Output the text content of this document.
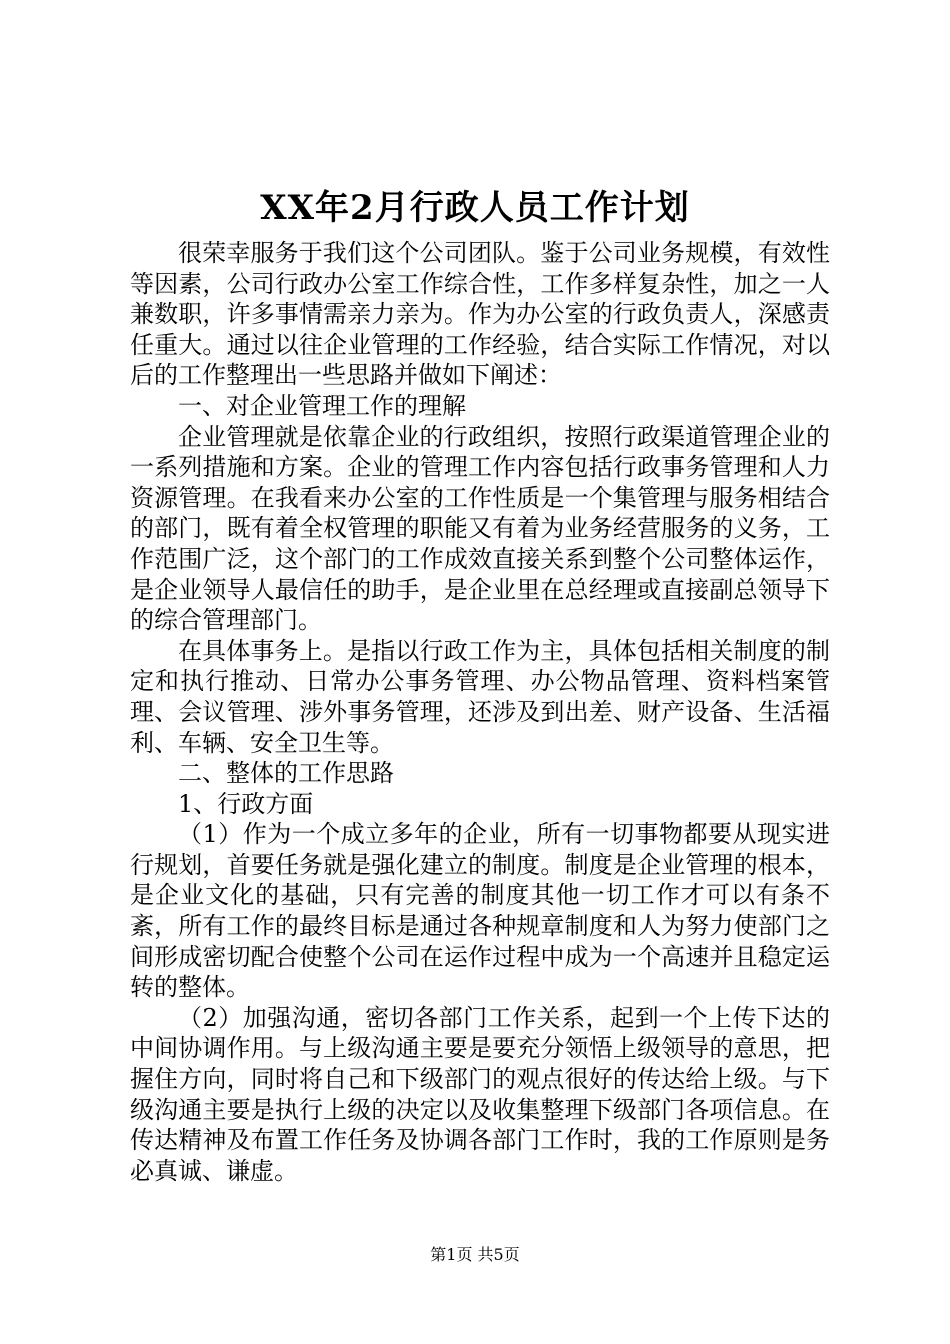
XX年2月行政人员工作计划

很荣幸服务于我们这个公司团队。鉴于公司业务规模，有效性等因素，公司行政办公室工作综合性，工作多样复杂性，加之一人兼数职，许多事情需亲力亲为。作为办公室的行政负责人，深感责任重大。通过以往企业管理的工作经验，结合实际工作情况，对以后的工作整理出一些思路并做如下阐述：

一、对企业管理工作的理解

企业管理就是依靠企业的行政组织，按照行政渠道管理企业的一系列措施和方案。企业的管理工作内容包括行政事务管理和人力资源管理。在我看来办公室的工作性质是一个集管理与服务相结合的部门，既有着全权管理的职能又有着为业务经营服务的义务，工作范围广泛，这个部门的工作成效直接关系到整个公司整体运作，是企业领导人最信任的助手，是企业里在总经理或直接副总领导下的综合管理部门。

在具体事务上。是指以行政工作为主，具体包括相关制度的制定和执行推动、日常办公事务管理、办公物品管理、资料档案管理、会议管理、涉外事务管理，还涉及到出差、财产设备、生活福利、车辆、安全卫生等。

二、整体的工作思路

1、行政方面

（1）作为一个成立多年的企业，所有一切事物都要从现实进行规划，首要任务就是强化建立的制度。制度是企业管理的根本，是企业文化的基础，只有完善的制度其他一切工作才可以有条不紊，所有工作的最终目标是通过各种规章制度和人为努力使部门之间形成密切配合使整个公司在运作过程中成为一个高速并且稳定运转的整体。

（2）加强沟通，密切各部门工作关系，起到一个上传下达的中间协调作用。与上级沟通主要是要充分领悟上级领导的意思，把握住方向，同时将自己和下级部门的观点很好的传达给上级。与下级沟通主要是执行上级的决定以及收集整理下级部门各项信息。在传达精神及布置工作任务及协调各部门工作时，我的工作原则是务必真诚、谦虚。

第1页 共5页
